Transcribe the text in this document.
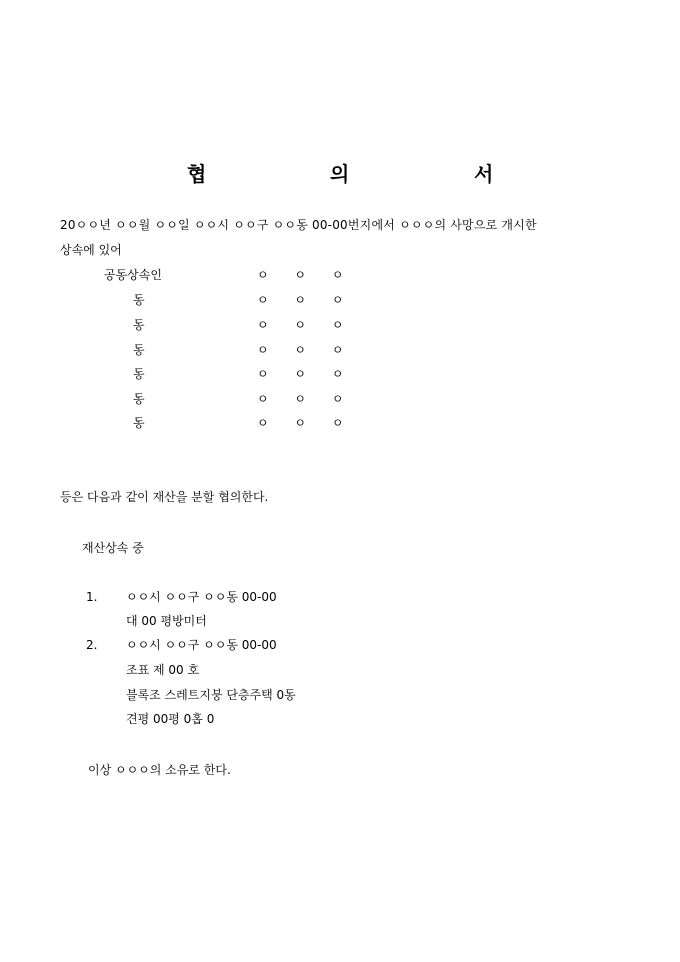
협	의	서
20ㅇㅇ년 ㅇㅇ월 ㅇㅇ일 ㅇㅇ시 ㅇㅇ구 ㅇㅇ동 00-00번지에서 ㅇㅇㅇ의 사망으로 개시한
상속에 있어
공동상속인	ㅇ ㅇ ㅇ
동	ㅇ ㅇ ㅇ
동	ㅇ ㅇ ㅇ
동	ㅇ ㅇ ㅇ
동	ㅇ ㅇ ㅇ
동	ㅇ ㅇ ㅇ
동	ㅇ ㅇ ㅇ
등은 다음과 같이 재산을 분할 협의한다.
재산상속 중
1. ㅇㅇ시 ㅇㅇ구 ㅇㅇ동 00-00
대 00 평방미터
2. ㅇㅇ시 ㅇㅇ구 ㅇㅇ동 00-00
조표 제 00 호
블록조 스레트지붕 단층주택 0동
견평 00평 0홉 0
이상 ㅇㅇㅇ의 소유로 한다.
